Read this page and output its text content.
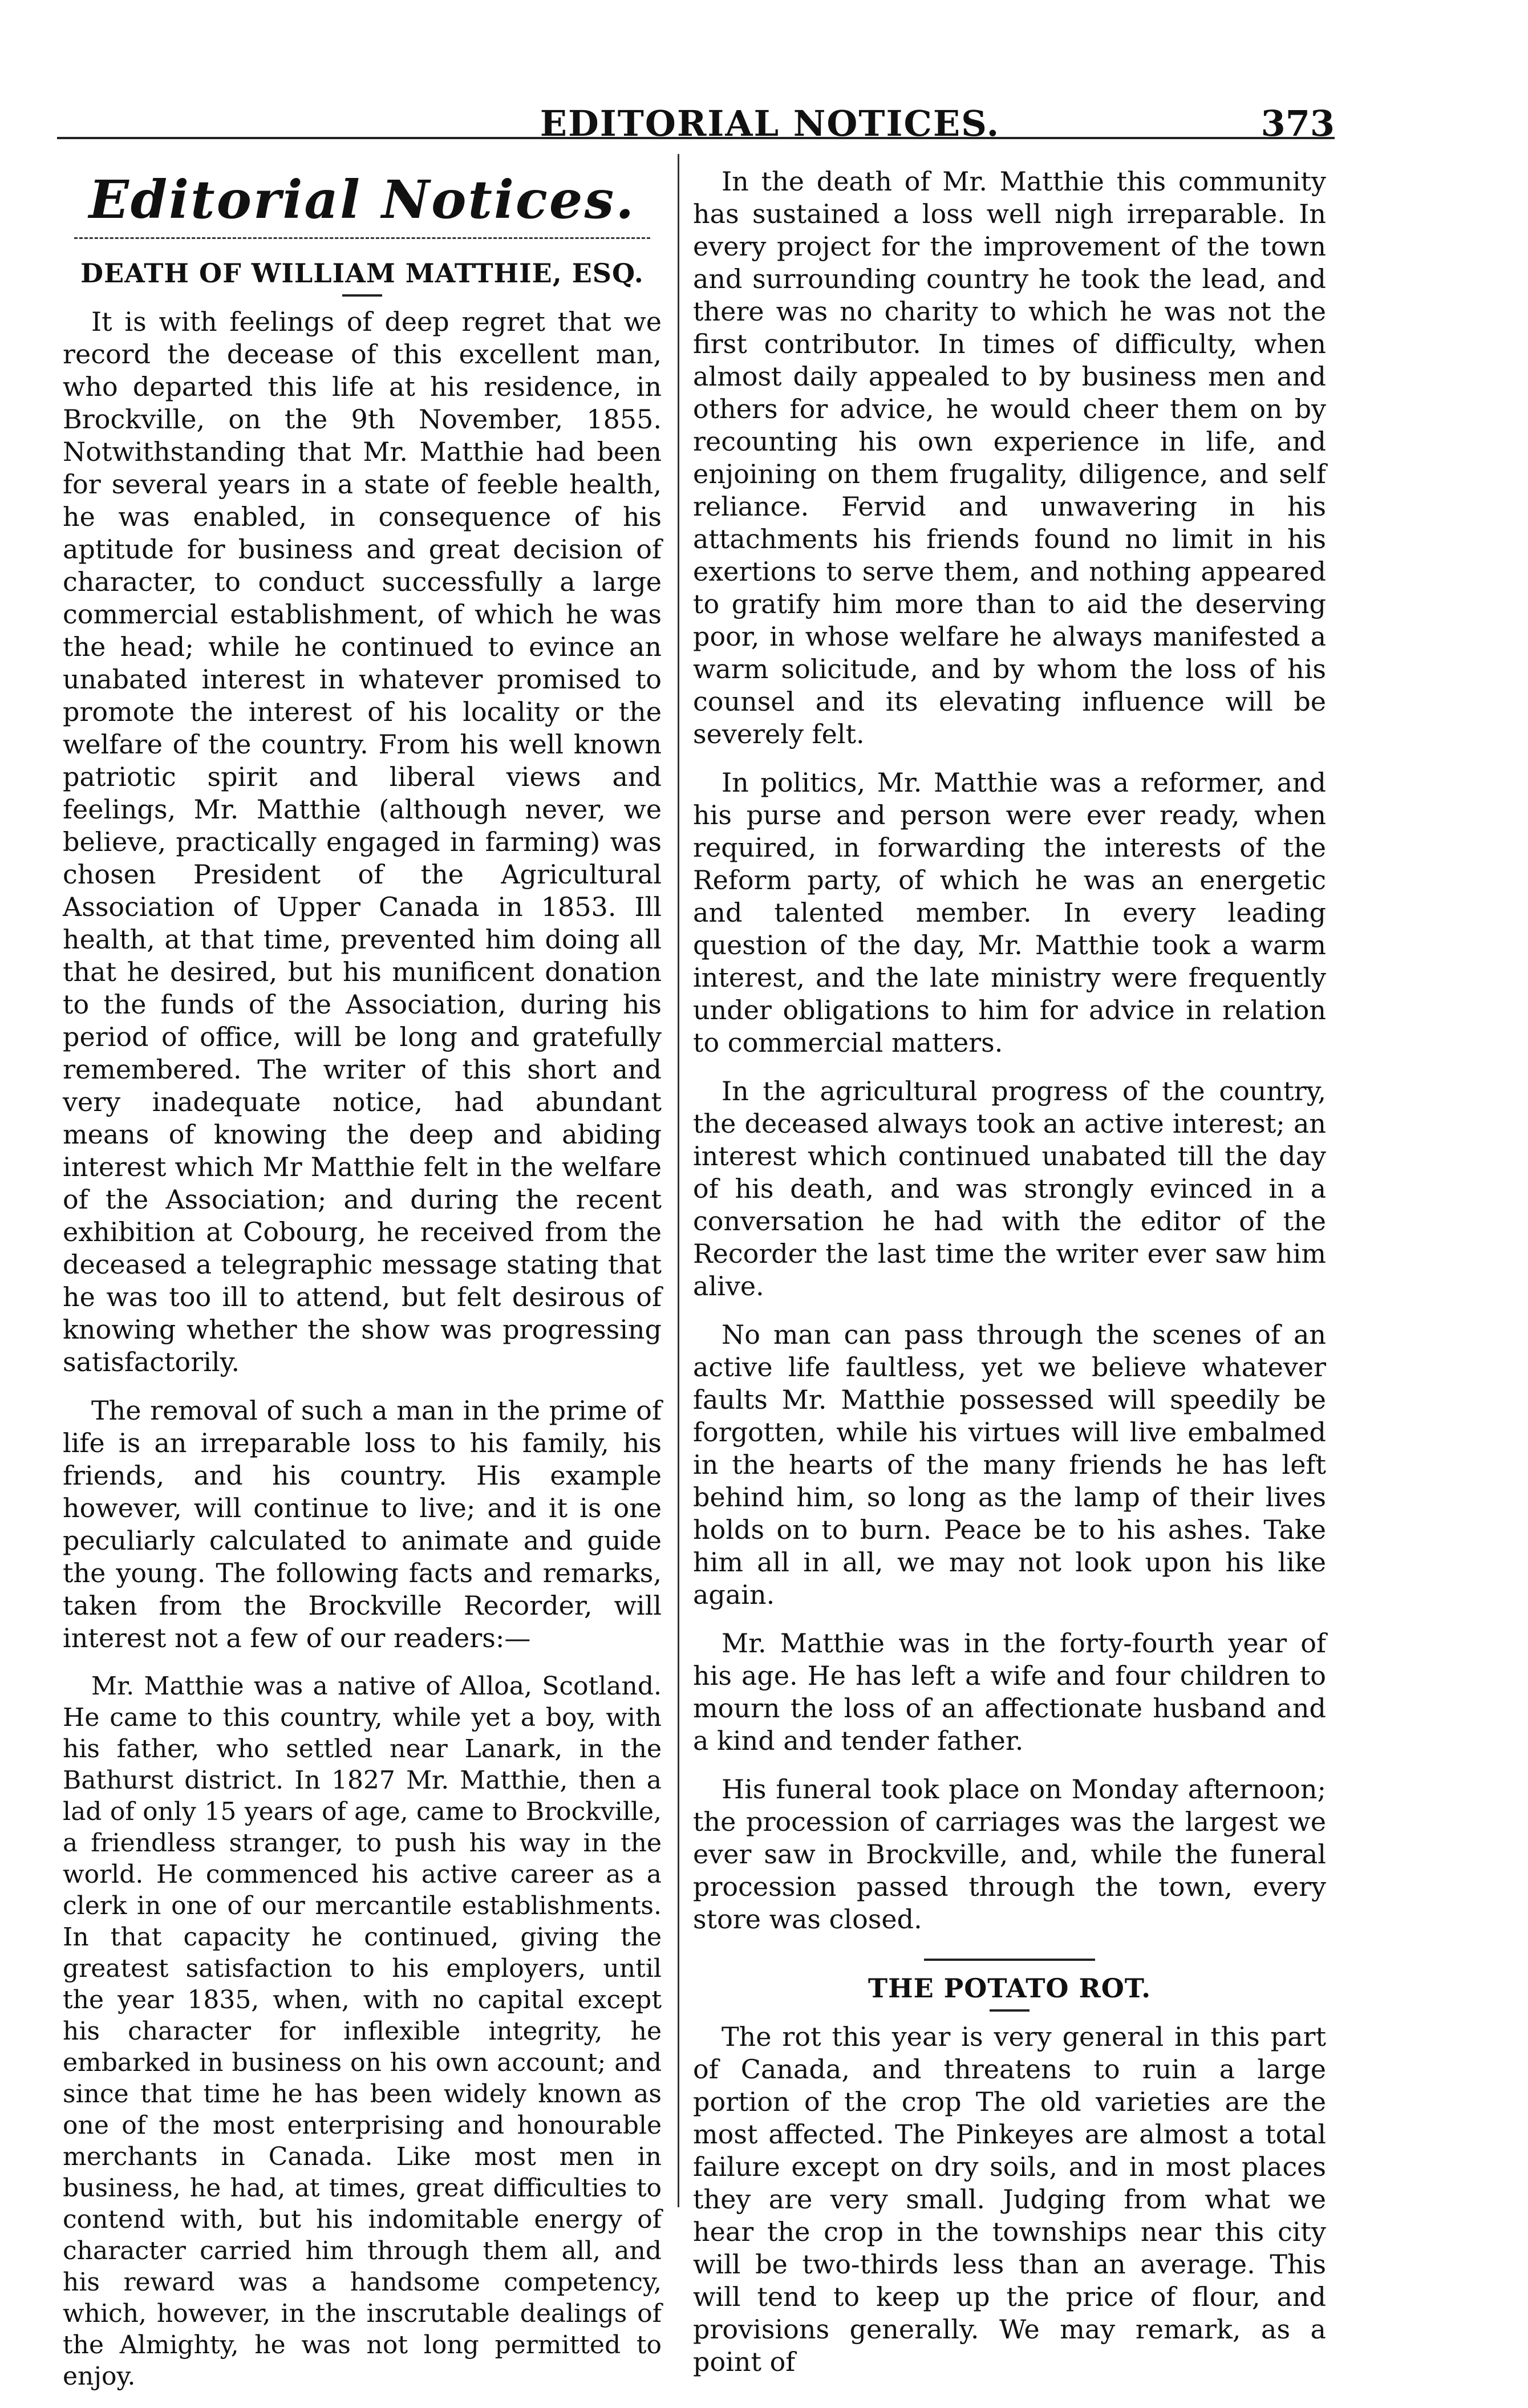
EDITORIAL NOTICES.	373
Editorial Notices.
DEATH OF WILLIAM MATTHIE, ESQ.

It is with feelings of deep regret that we record the decease of this excellent man, who departed this life at his residence, in Brockville, on the 9th November, 1855. Notwithstanding that Mr. Matthie had been for several years in a state of feeble health, he was enabled, in consequence of his aptitude for business and great decision of character, to conduct successfully a large commercial establishment, of which he was the head; while he continued to evince an unabated interest in whatever promised to promote the interest of his locality or the welfare of the country. From his well known patriotic spirit and liberal views and feelings, Mr. Matthie (although never, we believe, practically engaged in farming) was chosen President of the Agricultural Association of Upper Canada in 1853. Ill health, at that time, prevented him doing all that he desired, but his munificent donation to the funds of the Association, during his period of office, will be long and gratefully remembered. The writer of this short and very inadequate notice, had abundant means of knowing the deep and abiding interest which Mr Matthie felt in the welfare of the Association; and during the recent exhibition at Cobourg, he received from the deceased a telegraphic message stating that he was too ill to attend, but felt desirous of knowing whether the show was progressing satisfactorily.

The removal of such a man in the prime of life is an irreparable loss to his family, his friends, and his country. His example however, will continue to live; and it is one peculiarly calculated to animate and guide the young. The following facts and remarks, taken from the Brockville Recorder, will interest not a few of our readers:—

Mr. Matthie was a native of Alloa, Scotland. He came to this country, while yet a boy, with his father, who settled near Lanark, in the Bathurst district. In 1827 Mr. Matthie, then a lad of only 15 years of age, came to Brockville, a friendless stranger, to push his way in the world. He commenced his active career as a clerk in one of our mercantile establishments. In that capacity he continued, giving the greatest satisfaction to his employers, until the year 1835, when, with no capital except his character for inflexible integrity, he embarked in business on his own account; and since that time he has been widely known as one of the most enterprising and honourable merchants in Canada. Like most men in business, he had, at times, great difficulties to contend with, but his indomitable energy of character carried him through them all, and his reward was a handsome competency, which, however, in the inscrutable dealings of the Almighty, he was not long permitted to enjoy.

In the death of Mr. Matthie this community has sustained a loss well nigh irreparable. In every project for the improvement of the town and surrounding country he took the lead, and there was no charity to which he was not the first contributor. In times of difficulty, when almost daily appealed to by business men and others for advice, he would cheer them on by recounting his own experience in life, and enjoining on them frugality, diligence, and self reliance. Fervid and unwavering in his attachments his friends found no limit in his exertions to serve them, and nothing appeared to gratify him more than to aid the deserving poor, in whose welfare he always manifested a warm solicitude, and by whom the loss of his counsel and its elevating influence will be severely felt.

In politics, Mr. Matthie was a reformer, and his purse and person were ever ready, when required, in forwarding the interests of the Reform party, of which he was an energetic and talented member. In every leading question of the day, Mr. Matthie took a warm interest, and the late ministry were frequently under obligations to him for advice in relation to commercial matters.

In the agricultural progress of the country, the deceased always took an active interest; an interest which continued unabated till the day of his death, and was strongly evinced in a conversation he had with the editor of the Recorder the last time the writer ever saw him alive.

No man can pass through the scenes of an active life faultless, yet we believe whatever faults Mr. Matthie possessed will speedily be forgotten, while his virtues will live embalmed in the hearts of the many friends he has left behind him, so long as the lamp of their lives holds on to burn. Peace be to his ashes. Take him all in all, we may not look upon his like again.

Mr. Matthie was in the forty-fourth year of his age. He has left a wife and four children to mourn the loss of an affectionate husband and a kind and tender father.

His funeral took place on Monday afternoon; the procession of carriages was the largest we ever saw in Brockville, and, while the funeral procession passed through the town, every store was closed.

THE POTATO ROT.

The rot this year is very general in this part of Canada, and threatens to ruin a large portion of the crop The old varieties are the most affected. The Pinkeyes are almost a total failure except on dry soils, and in most places they are very small. Judging from what we hear the crop in the townships near this city will be two-thirds less than an average. This will tend to keep up the price of flour, and provisions generally. We may remark, as a point of
